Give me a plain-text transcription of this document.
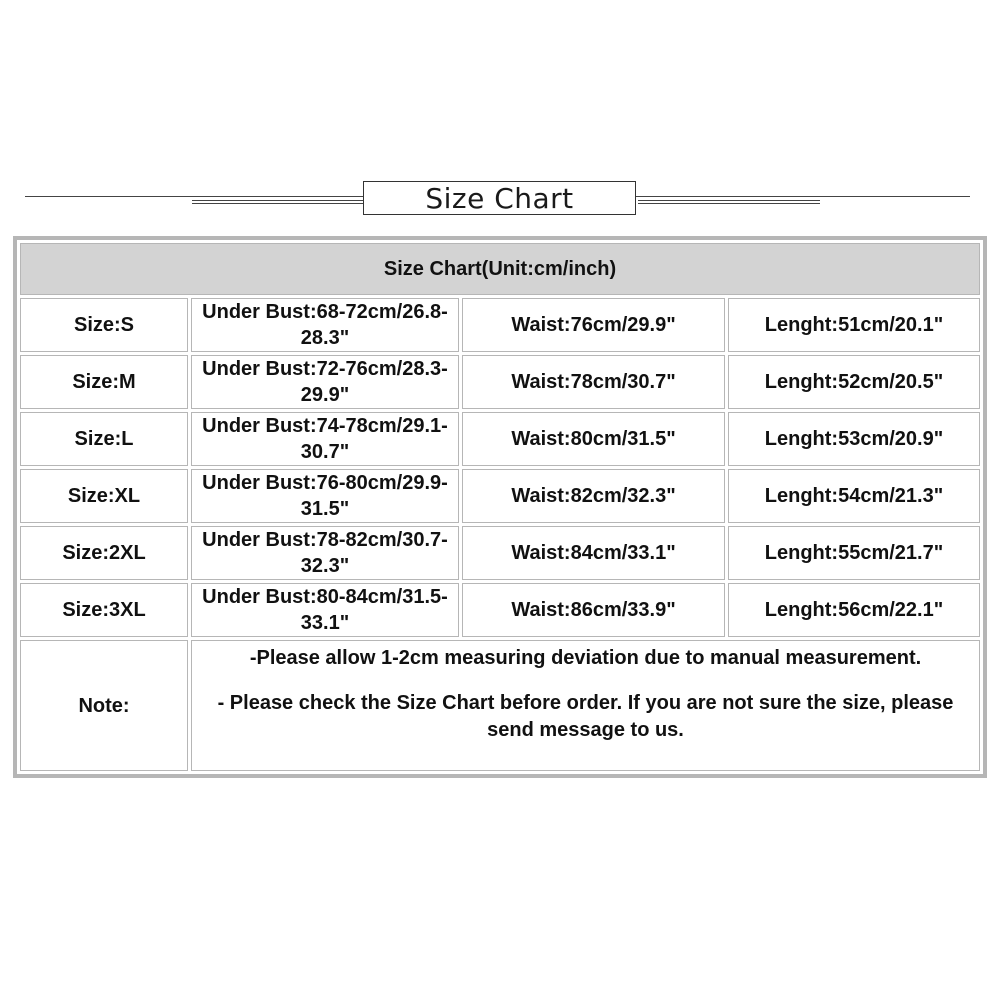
Size Chart
Size Chart(Unit:cm/inch)			
Size:S	Under Bust:68-72cm/26.8-28.3"	Waist:76cm/29.9"	Lenght:51cm/20.1"
Size:M	Under Bust:72-76cm/28.3-29.9"	Waist:78cm/30.7"	Lenght:52cm/20.5"
Size:L	Under Bust:74-78cm/29.1-30.7"	Waist:80cm/31.5"	Lenght:53cm/20.9"
Size:XL	Under Bust:76-80cm/29.9-31.5"	Waist:82cm/32.3"	Lenght:54cm/21.3"
Size:2XL	Under Bust:78-82cm/30.7-32.3"	Waist:84cm/33.1"	Lenght:55cm/21.7"
Size:3XL	Under Bust:80-84cm/31.5-33.1"	Waist:86cm/33.9"	Lenght:56cm/22.1"
Note:	-Please allow 1-2cm measuring deviation due to manual measurement.

- Please check the Size Chart before order. If you are not sure the size, please send message to us.		
